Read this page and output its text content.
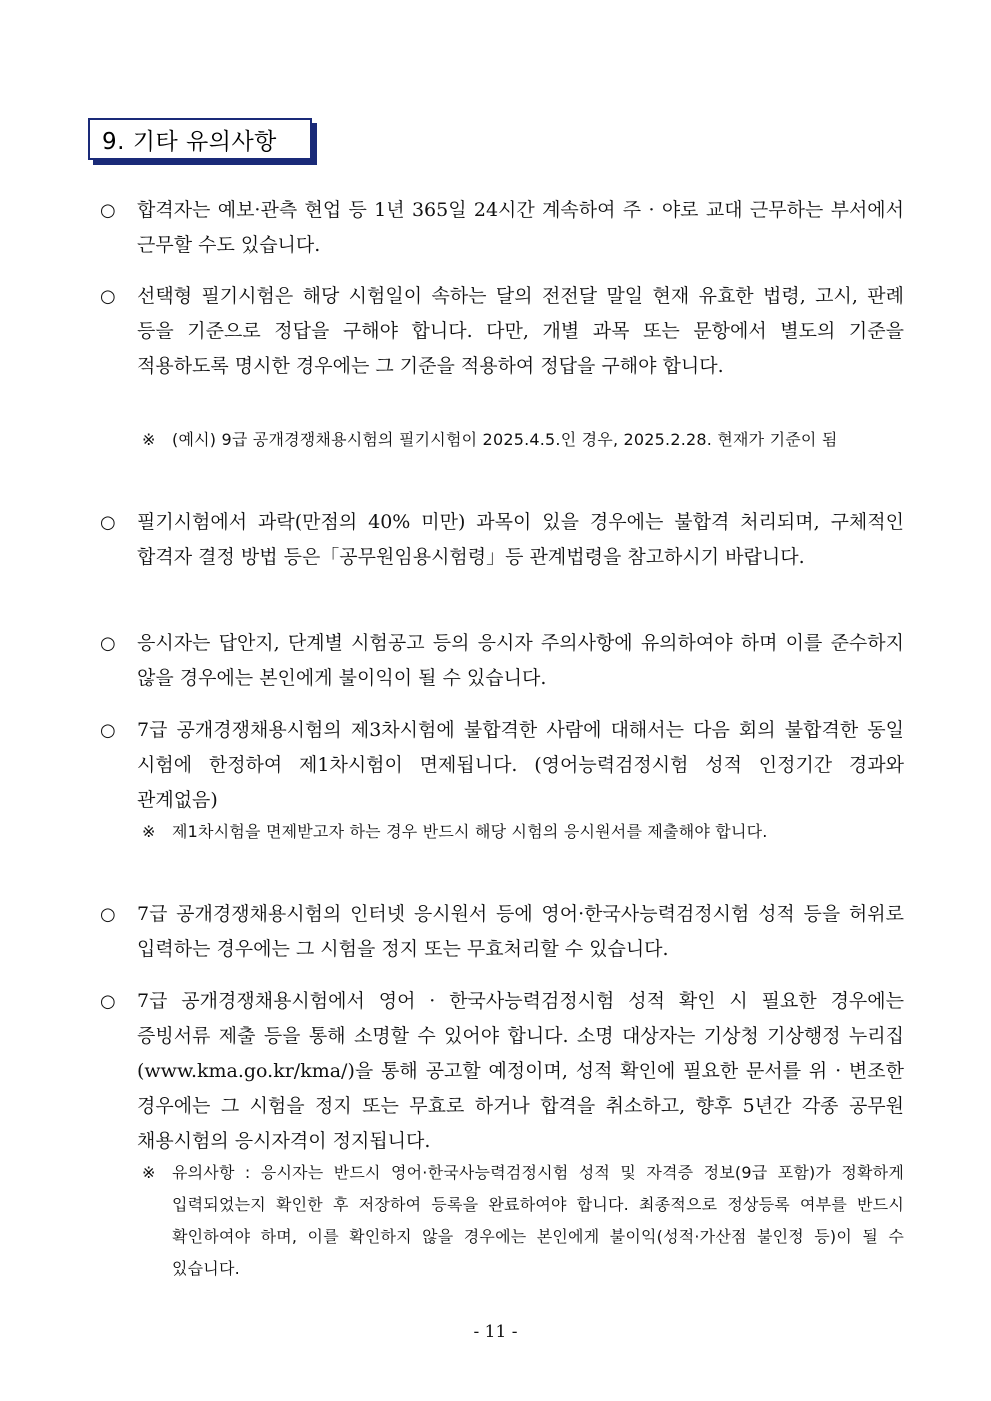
9. 기타 유의사항
○ 합격자는 예보·관측 현업 등 1년 365일 24시간 계속하여 주 · 야로 교대 근무하는 부서에서 근무할 수도 있습니다.
○ 선택형 필기시험은 해당 시험일이 속하는 달의 전전달 말일 현재 유효한 법령, 고시, 판례 등을 기준으로 정답을 구해야 합니다. 다만, 개별 과목 또는 문항에서 별도의 기준을 적용하도록 명시한 경우에는 그 기준을 적용하여 정답을 구해야 합니다.
※ (예시) 9급 공개경쟁채용시험의 필기시험이 2025.4.5.인 경우, 2025.2.28. 현재가 기준이 됨
○ 필기시험에서 과락(만점의 40% 미만) 과목이 있을 경우에는 불합격 처리되며, 구체적인 합격자 결정 방법 등은「공무원임용시험령」등 관계법령을 참고하시기 바랍니다.
○ 응시자는 답안지, 단계별 시험공고 등의 응시자 주의사항에 유의하여야 하며 이를 준수하지 않을 경우에는 본인에게 불이익이 될 수 있습니다.
○ 7급 공개경쟁채용시험의 제3차시험에 불합격한 사람에 대해서는 다음 회의 불합격한 동일 시험에 한정하여 제1차시험이 면제됩니다. (영어능력검정시험 성적 인정기간 경과와 관계없음)
※ 제1차시험을 면제받고자 하는 경우 반드시 해당 시험의 응시원서를 제출해야 합니다.
○ 7급 공개경쟁채용시험의 인터넷 응시원서 등에 영어·한국사능력검정시험 성적 등을 허위로 입력하는 경우에는 그 시험을 정지 또는 무효처리할 수 있습니다.
○ 7급 공개경쟁채용시험에서 영어 · 한국사능력검정시험 성적 확인 시 필요한 경우에는 증빙서류 제출 등을 통해 소명할 수 있어야 합니다. 소명 대상자는 기상청 기상행정 누리집(www.kma.go.kr/kma/)을 통해 공고할 예정이며, 성적 확인에 필요한 문서를 위 · 변조한 경우에는 그 시험을 정지 또는 무효로 하거나 합격을 취소하고, 향후 5년간 각종 공무원 채용시험의 응시자격이 정지됩니다.
※ 유의사항 : 응시자는 반드시 영어·한국사능력검정시험 성적 및 자격증 정보(9급 포함)가 정확하게 입력되었는지 확인한 후 저장하여 등록을 완료하여야 합니다. 최종적으로 정상등록 여부를 반드시 확인하여야 하며, 이를 확인하지 않을 경우에는 본인에게 불이익(성적·가산점 불인정 등)이 될 수 있습니다.
- 11 -
